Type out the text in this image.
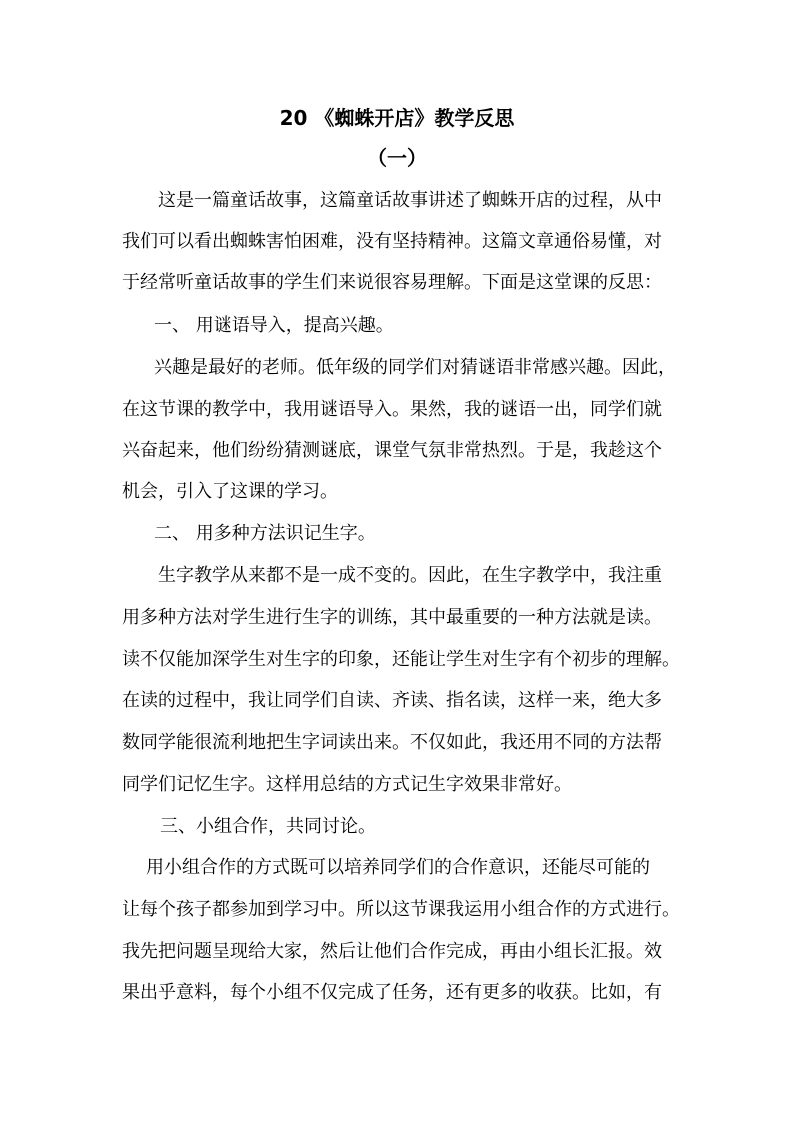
20 《蜘蛛开店》教学反思
（一）
这是一篇童话故事，这篇童话故事讲述了蜘蛛开店的过程，从中
我们可以看出蜘蛛害怕困难，没有坚持精神。这篇文章通俗易懂，对
于经常听童话故事的学生们来说很容易理解。下面是这堂课的反思：
一、 用谜语导入，提高兴趣。
兴趣是最好的老师。低年级的同学们对猜谜语非常感兴趣。因此，
在这节课的教学中，我用谜语导入。果然，我的谜语一出，同学们就
兴奋起来，他们纷纷猜测谜底，课堂气氛非常热烈。于是，我趁这个
机会，引入了这课的学习。
二、 用多种方法识记生字。
生字教学从来都不是一成不变的。因此，在生字教学中，我注重
用多种方法对学生进行生字的训练，其中最重要的一种方法就是读。
读不仅能加深学生对生字的印象，还能让学生对生字有个初步的理解。
在读的过程中，我让同学们自读、齐读、指名读，这样一来，绝大多
数同学能很流利地把生字词读出来。不仅如此，我还用不同的方法帮
同学们记忆生字。这样用总结的方式记生字效果非常好。
三、小组合作，共同讨论。
用小组合作的方式既可以培养同学们的合作意识，还能尽可能的
让每个孩子都参加到学习中。所以这节课我运用小组合作的方式进行。
我先把问题呈现给大家，然后让他们合作完成，再由小组长汇报。效
果出乎意料，每个小组不仅完成了任务，还有更多的收获。比如，有
